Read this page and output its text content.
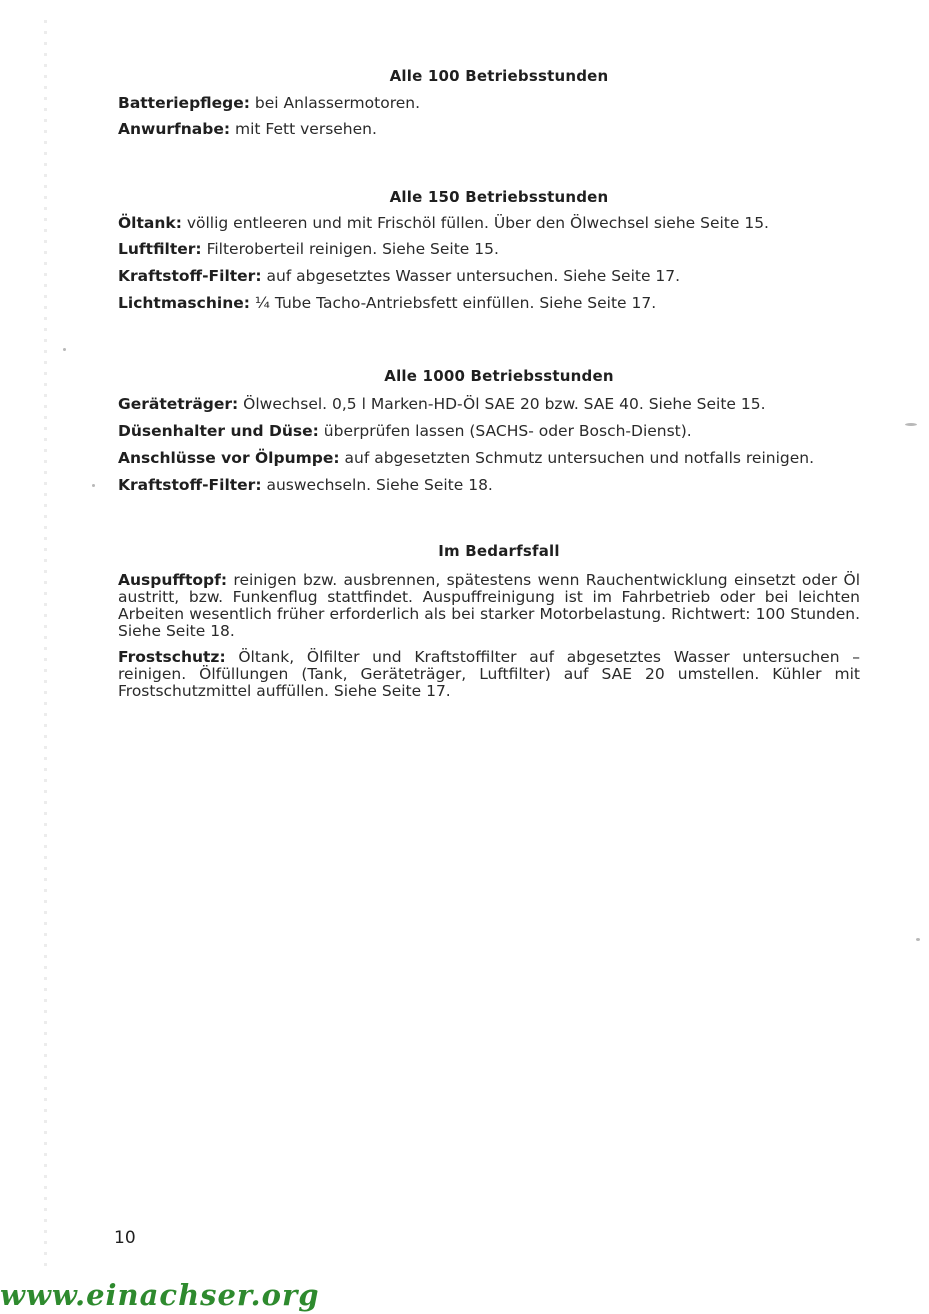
Alle 100 Betriebsstunden

Batteriepflege: bei Anlassermotoren.

Anwurfnabe: mit Fett versehen.

Alle 150 Betriebsstunden

Öltank: völlig entleeren und mit Frischöl füllen. Über den Ölwechsel siehe Seite 15.

Luftfilter: Filteroberteil reinigen. Siehe Seite 15.

Kraftstoff-Filter: auf abgesetztes Wasser untersuchen. Siehe Seite 17.

Lichtmaschine: ¼ Tube Tacho-Antriebsfett einfüllen. Siehe Seite 17.

Alle 1000 Betriebsstunden

Geräteträger: Ölwechsel. 0,5 l Marken-HD-Öl SAE 20 bzw. SAE 40. Siehe Seite 15.

Düsenhalter und Düse: überprüfen lassen (SACHS- oder Bosch-Dienst).

Anschlüsse vor Ölpumpe: auf abgesetzten Schmutz untersuchen und notfalls reinigen.

Kraftstoff-Filter: auswechseln. Siehe Seite 18.

Im Bedarfsfall

Auspufftopf: reinigen bzw. ausbrennen, spätestens wenn Rauchentwicklung einsetzt oder Öl austritt, bzw. Funkenflug stattfindet. Auspuffreinigung ist im Fahrbetrieb oder bei leichten Arbeiten wesentlich früher erforderlich als bei starker Motorbelastung. Richtwert: 100 Stunden. Siehe Seite 18.

Frostschutz: Öltank, Ölfilter und Kraftstoffilter auf abgesetztes Wasser untersuchen – reinigen. Ölfüllungen (Tank, Geräteträger, Luftfilter) auf SAE 20 umstellen. Kühler mit Frostschutzmittel auffüllen. Siehe Seite 17.

10
www.einachser.org
